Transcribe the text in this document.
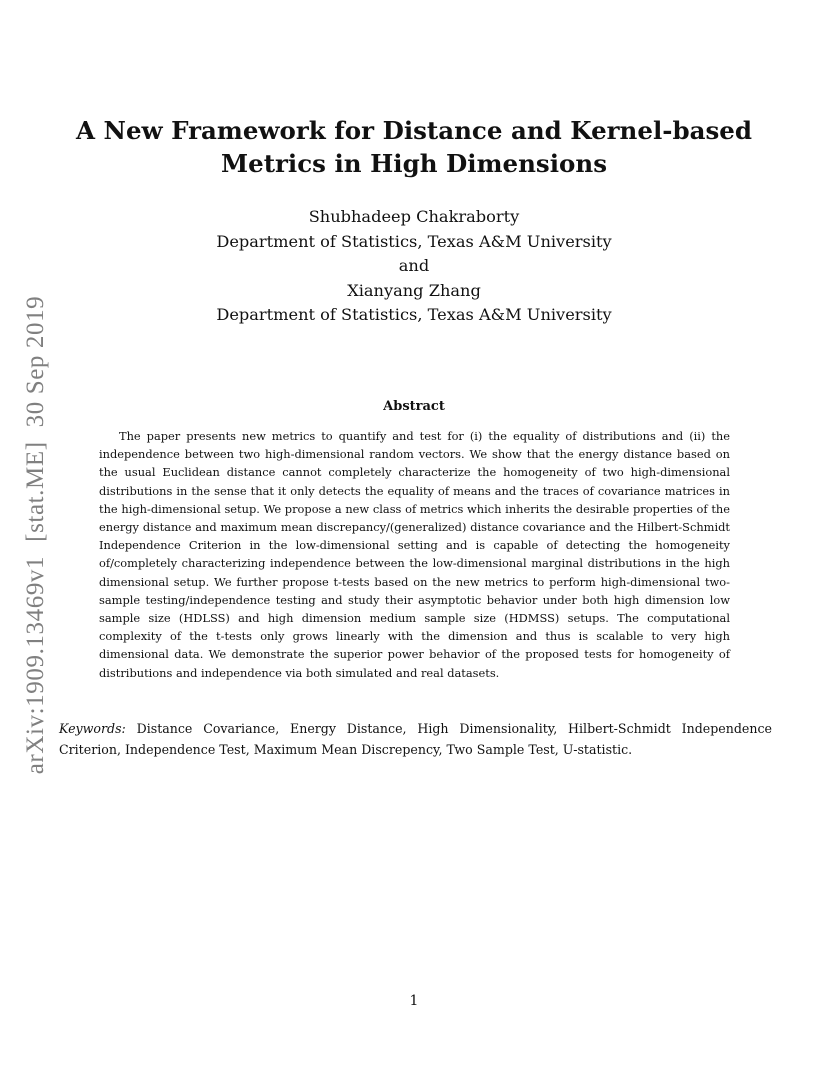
arXiv:1909.13469v1[stat.ME]30 Sep 2019
A New Framework for Distance and Kernel-based
Metrics in High Dimensions
Shubhadeep Chakraborty
Department of Statistics, Texas A&M University
and
Xianyang Zhang
Department of Statistics, Texas A&M University
Abstract
The paper presents new metrics to quantify and test for (i) the equality of distributions and (ii) the independence between two high-dimensional random vectors. We show that the energy distance based on the usual Euclidean distance cannot completely characterize the homogeneity of two high-dimensional distributions in the sense that it only detects the equality of means and the traces of covariance matrices in the high-dimensional setup. We propose a new class of metrics which inherits the desirable properties of the energy distance and maximum mean discrepancy/(generalized) distance covariance and the Hilbert-Schmidt Independence Criterion in the low-dimensional setting and is capable of detecting the homogeneity of/completely characterizing independence between the low-dimensional marginal distributions in the high dimensional setup. We further propose t-tests based on the new metrics to perform high-dimensional two-sample testing/independence testing and study their asymptotic behavior under both high dimension low sample size (HDLSS) and high dimension medium sample size (HDMSS) setups. The computational complexity of the t-tests only grows linearly with the dimension and thus is scalable to very high dimensional data. We demonstrate the superior power behavior of the proposed tests for homogeneity of distributions and independence via both simulated and real datasets.
Keywords: Distance Covariance, Energy Distance, High Dimensionality, Hilbert-Schmidt Independence Criterion, Independence Test, Maximum Mean Discrepency, Two Sample Test, U-statistic.
1
